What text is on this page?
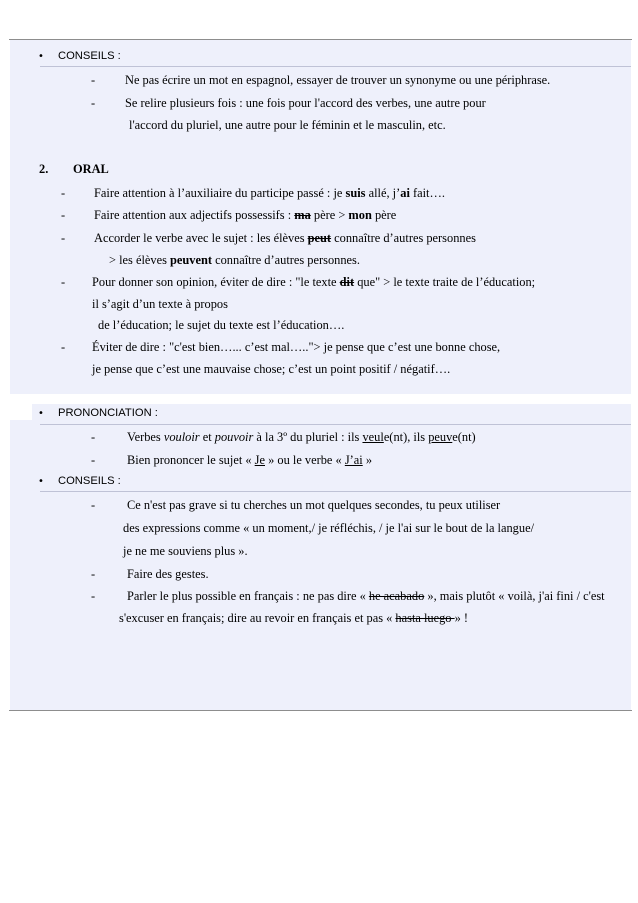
• CONSEILS :
- Ne pas écrire un mot en espagnol, essayer de trouver un synonyme ou une périphrase.
- Se relire plusieurs fois : une fois pour l'accord des verbes, une autre pour
l'accord du pluriel, une autre pour le féminin et le masculin, etc.
2. ORAL
- Faire attention à l’auxiliaire du participe passé : je suis allé, j’ai fait….
- Faire attention aux adjectifs possessifs : ma père > mon père
- Accorder le verbe avec le sujet : les élèves peut connaître d’autres personnes
> les élèves peuvent connaître d’autres personnes.
- Pour donner son opinion, éviter de dire : "le texte dit que" > le texte traite de l’éducation;
il s’agit d’un texte à propos
de l’éducation; le sujet du texte est l’éducation….
- Éviter de dire : "c'est bien…... c’est mal….."> je pense que c’est une bonne chose,
je pense que c’est une mauvaise chose; c’est un point positif / négatif….
• PRONONCIATION :
-	Verbes vouloir et pouvoir à la 3º du pluriel : ils veule(nt), ils peuve(nt)
-	Bien prononcer le sujet « Je » ou le verbe « J’ai »
• CONSEILS :
-	Ce n'est pas grave si tu cherches un mot quelques secondes, tu peux utiliser
des expressions comme « un moment,/ je réfléchis, / je l'ai sur le bout de la langue/
je ne me souviens plus ».
-	Faire des gestes.
-	Parler le plus possible en français : ne pas dire « he acabado », mais plutôt « voilà, j'ai fini / c'est
s'excuser en français; dire au revoir en français et pas « hasta luego » !
